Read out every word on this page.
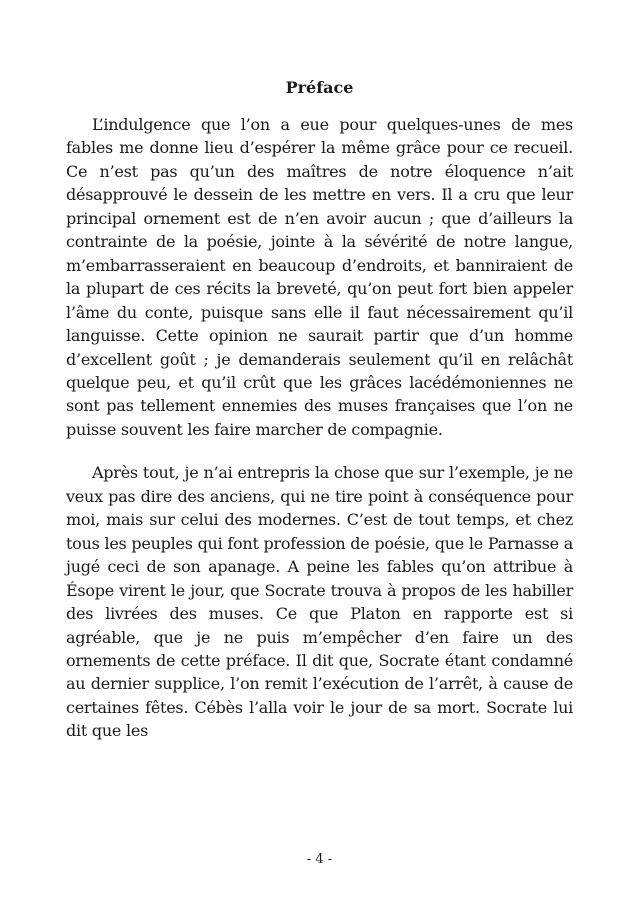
Préface

L’indulgence que l’on a eue pour quelques-unes de mes fables me donne lieu d’espérer la même grâce pour ce recueil. Ce n’est pas qu’un des maîtres de notre éloquence n’ait désapprouvé le dessein de les mettre en vers. Il a cru que leur principal ornement est de n’en avoir aucun ; que d’ailleurs la contrainte de la poésie, jointe à la sévérité de notre langue, m’embarrasseraient en beaucoup d’endroits, et banniraient de la plupart de ces récits la breveté, qu’on peut fort bien appeler l’âme du conte, puisque sans elle il faut nécessairement qu’il languisse. Cette opinion ne saurait partir que d’un homme d’excellent goût ; je demanderais seulement qu’il en relâchât quelque peu, et qu’il crût que les grâces lacédémoniennes ne sont pas tellement ennemies des muses françaises que l’on ne puisse souvent les faire marcher de compagnie.

Après tout, je n’ai entrepris la chose que sur l’exemple, je ne veux pas dire des anciens, qui ne tire point à conséquence pour moi, mais sur celui des modernes. C’est de tout temps, et chez tous les peuples qui font profession de poésie, que le Parnasse a jugé ceci de son apanage. A peine les fables qu’on attribue à Ésope virent le jour, que Socrate trouva à propos de les habiller des livrées des muses. Ce que Platon en rapporte est si agréable, que je ne puis m’empêcher d’en faire un des ornements de cette préface. Il dit que, Socrate étant condamné au dernier supplice, l’on remit l’exécution de l’arrêt, à cause de certaines fêtes. Cébès l’alla voir le jour de sa mort. Socrate lui dit que les

- 4 -
